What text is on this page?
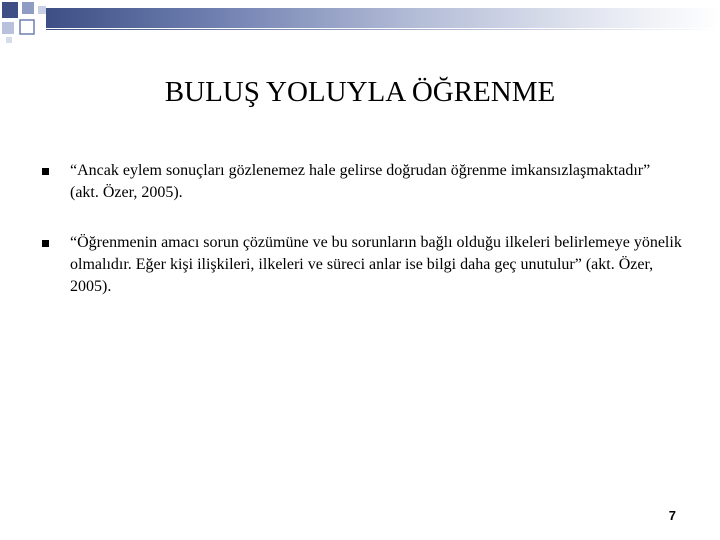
BULUŞ YOLUYLA ÖĞRENME
“Ancak eylem sonuçları gözlenemez hale gelirse doğrudan öğrenme imkansızlaşmaktadır” (akt. Özer, 2005).
“Öğrenmenin amacı sorun çözümüne ve bu sorunların bağlı olduğu ilkeleri belirlemeye yönelik olmalıdır. Eğer kişi ilişkileri, ilkeleri ve süreci anlar ise bilgi daha geç unutulur” (akt. Özer, 2005).
7
